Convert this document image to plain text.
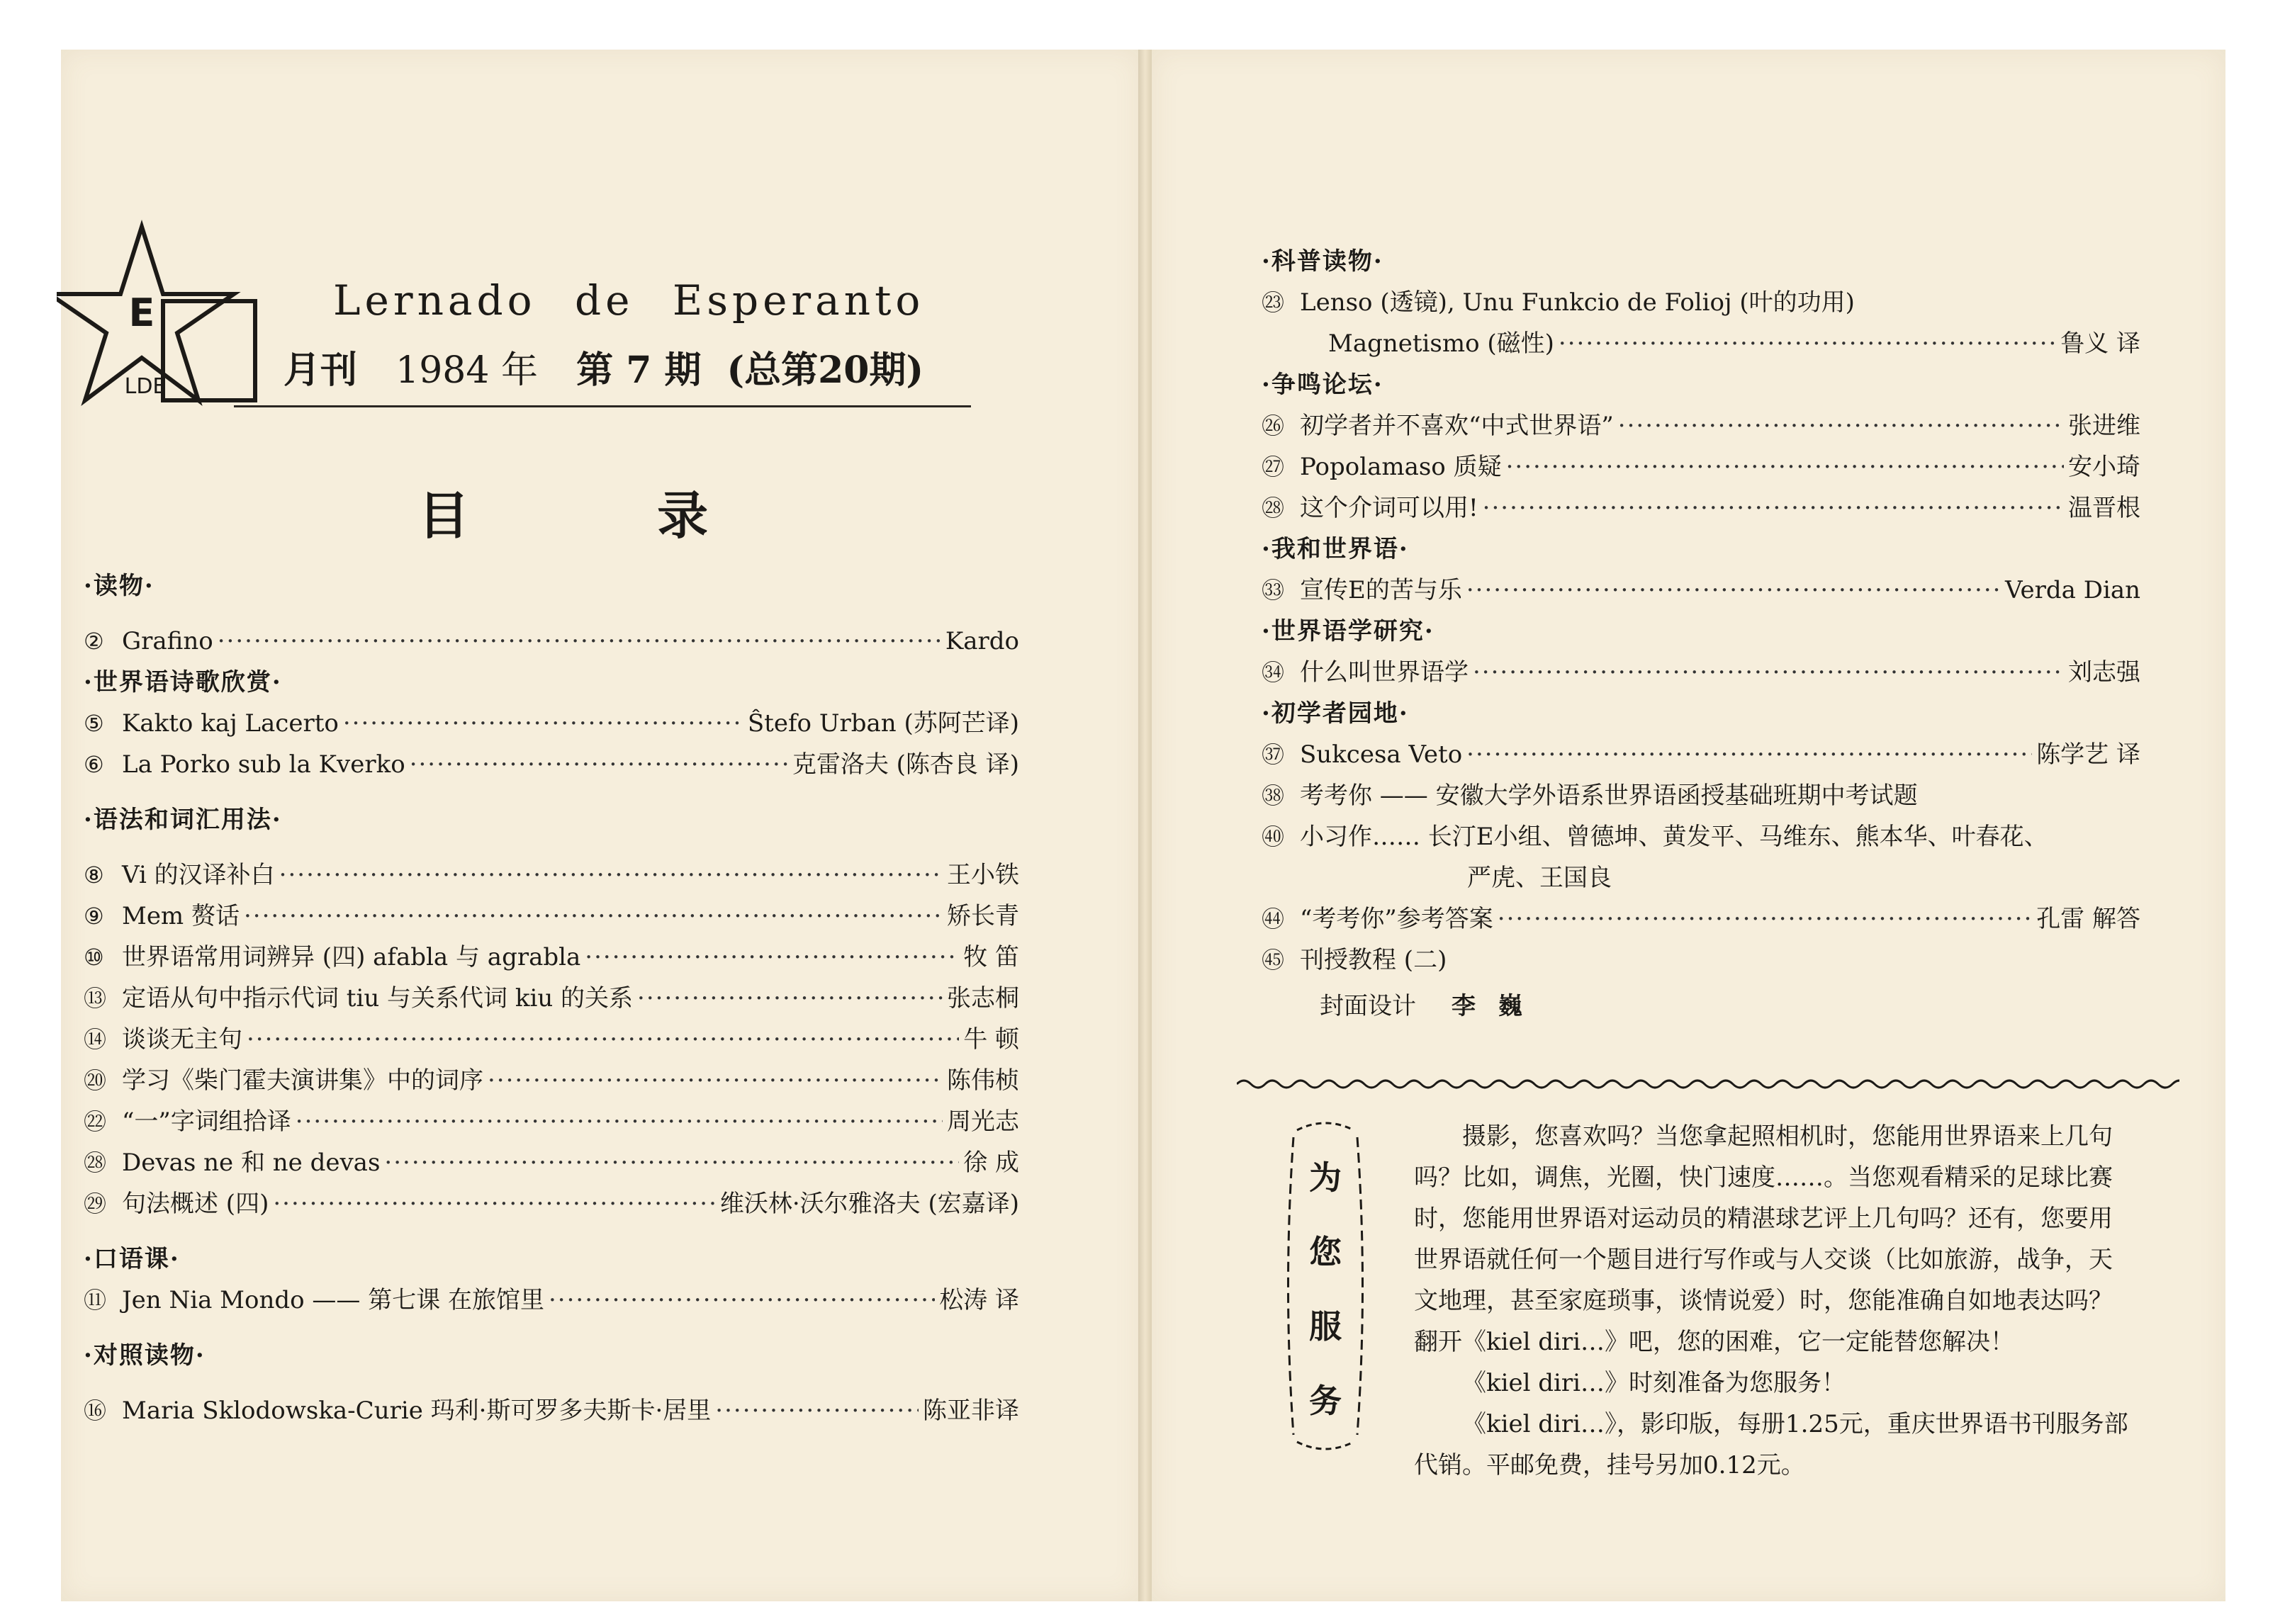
E
LDE
Lernado de Esperanto
月刊 1984 年 第 7 期 (总第20期)
目 录
·读物·
② Grafino ·····	Kardo
·世界语诗歌欣赏·
⑤ Kakto kaj Lacerto ·····	Ŝtefo Urban (苏阿芒译)
⑥ La Porko sub la Kverko ·····	克雷洛夫 (陈杏良 译)
·语法和词汇用法·
⑧ Vi 的汉译补白 ·····	王小铁
⑨ Mem 赘话 ·····	矫长青
⑩ 世界语常用词辨异 (四) afabla 与 agrabla ·····	牧 笛
⑬ 定语从句中指示代词 tiu 与关系代词 kiu 的关系 ·····	张志桐
⑭ 谈谈无主句 ·····	牛 顿
⑳ 学习《柴门霍夫演讲集》中的词序 ·····	陈伟桢
㉒ “一”字词组拾译 ·····	周光志
㉘ Devas ne 和 ne devas ·····	徐 成
㉙ 句法概述 (四) ·····	维沃林·沃尔雅洛夫 (宏嘉译)
·口语课·
⑪ Jen Nia Mondo —— 第七课 在旅馆里 ·····	松涛 译
·对照读物·
⑯ Maria Sklodowska-Curie 玛利·斯可罗多夫斯卡·居里 ·····	陈亚非译
·科普读物·
㉓ Lenso (透镜), Unu Funkcio de Folioj (叶的功用)
Magnetismo (磁性) ·····	鲁义 译
·争鸣论坛·
㉖ 初学者并不喜欢“中式世界语” ·····	张进维
㉗ Popolamaso 质疑 ·····	安小琦
㉘ 这个介词可以用! ·····	温晋根
·我和世界语·
㉝ 宣传E的苦与乐 ·····	Verda Dian
·世界语学研究·
㉞ 什么叫世界语学 ·····	刘志强
·初学者园地·
㊲ Sukcesa Veto ·····	陈学艺 译
㊳ 考考你 —— 安徽大学外语系世界语函授基础班期中考试题
㊵ 小习作…… 长汀E小组、曾德坤、黄发平、马维东、熊本华、叶春花、
严虎、王国良
㊹ “考考你”参考答案 ·····	孔雷 解答
㊺ 刊授教程 (二)
封面设计 李 巍
为
您
服
务

摄影，您喜欢吗？当您拿起照相机时，您能用世界语来上几句吗？比如，调焦，光圈，快门速度……。当您观看精采的足球比赛时，您能用世界语对运动员的精湛球艺评上几句吗？还有，您要用世界语就任何一个题目进行写作或与人交谈（比如旅游，战争，天文地理，甚至家庭琐事，谈情说爱）时，您能准确自如地表达吗？翻开《kiel diri…》吧，您的困难，它一定能替您解决！

《kiel diri…》时刻准备为您服务！

《kiel diri…》，影印版，每册1.25元，重庆世界语书刊服务部代销。平邮免费，挂号另加0.12元。
